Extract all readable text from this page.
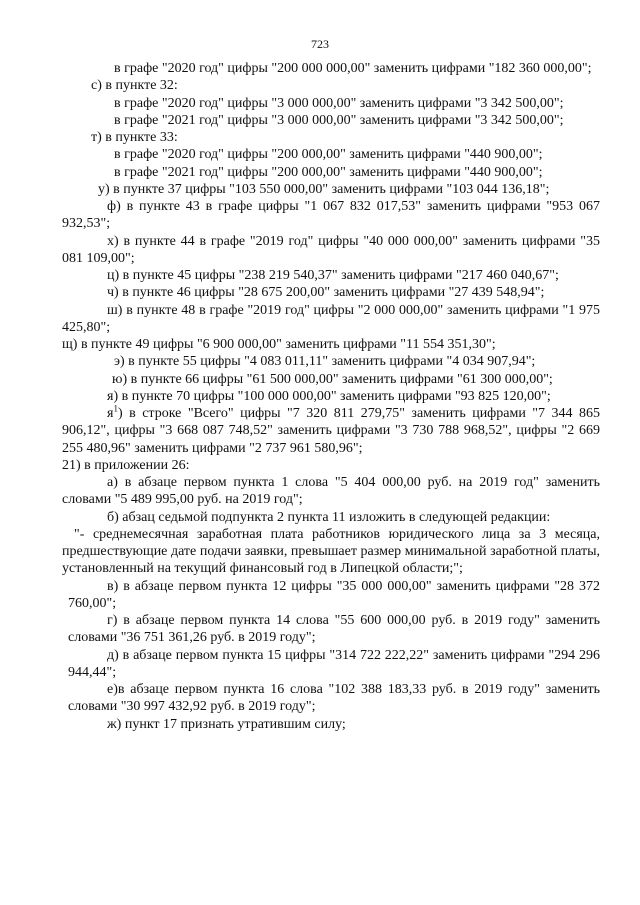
723

в графе "2020 год" цифры "200 000 000,00" заменить цифрами "182 360 000,00";

с) в пункте 32:

в графе "2020 год" цифры "3 000 000,00" заменить цифрами "3 342 500,00";

в графе "2021 год" цифры "3 000 000,00" заменить цифрами "3 342 500,00";

т) в пункте 33:

в графе "2020 год" цифры "200 000,00" заменить цифрами "440 900,00";

в графе "2021 год" цифры "200 000,00" заменить цифрами "440 900,00";

у) в пункте 37 цифры "103 550 000,00" заменить цифрами "103 044 136,18";

ф) в пункте 43 в графе цифры "1 067 832 017,53" заменить цифрами "953 067 932,53";

х) в пункте 44 в графе "2019 год" цифры "40 000 000,00" заменить цифрами "35 081 109,00";

ц) в пункте 45 цифры "238 219 540,37" заменить цифрами "217 460 040,67";

ч) в пункте 46 цифры "28 675 200,00" заменить цифрами "27 439 548,94";

ш) в пункте 48 в графе "2019 год" цифры "2 000 000,00" заменить цифрами "1 975 425,80";

щ) в пункте 49 цифры "6 900 000,00" заменить цифрами "11 554 351,30";

э) в пункте 55 цифры "4 083 011,11" заменить цифрами "4 034 907,94";

ю) в пункте 66 цифры "61 500 000,00" заменить цифрами "61 300 000,00";

я) в пункте 70 цифры "100 000 000,00" заменить цифрами "93 825 120,00";

$я^1$) в строке "Всего" цифры "7 320 811 279,75" заменить цифрами "7 344 865 906,12", цифры "3 668 087 748,52" заменить цифрами "3 730 788 968,52", цифры "2 669 255 480,96" заменить цифрами "2 737 961 580,96";

21) в приложении 26:

а) в абзаце первом пункта 1 слова "5 404 000,00 руб. на 2019 год" заменить словами "5 489 995,00 руб. на 2019 год";

б) абзац седьмой подпункта 2 пункта 11 изложить в следующей редакции:

"- среднемесячная заработная плата работников юридического лица за 3 месяца, предшествующие дате подачи заявки, превышает размер минимальной заработной платы, установленный на текущий финансовый год в Липецкой области;";

в) в абзаце первом пункта 12 цифры "35 000 000,00" заменить цифрами "28 372 760,00";

г) в абзаце первом пункта 14 слова "55 600 000,00 руб. в 2019 году" заменить словами "36 751 361,26 руб. в 2019 году";

д) в абзаце первом пункта 15 цифры "314 722 222,22" заменить цифрами "294 296 944,44";

е)в абзаце первом пункта 16 слова "102 388 183,33 руб. в 2019 году" заменить словами "30 997 432,92 руб. в 2019 году";

ж) пункт 17 признать утратившим силу;
